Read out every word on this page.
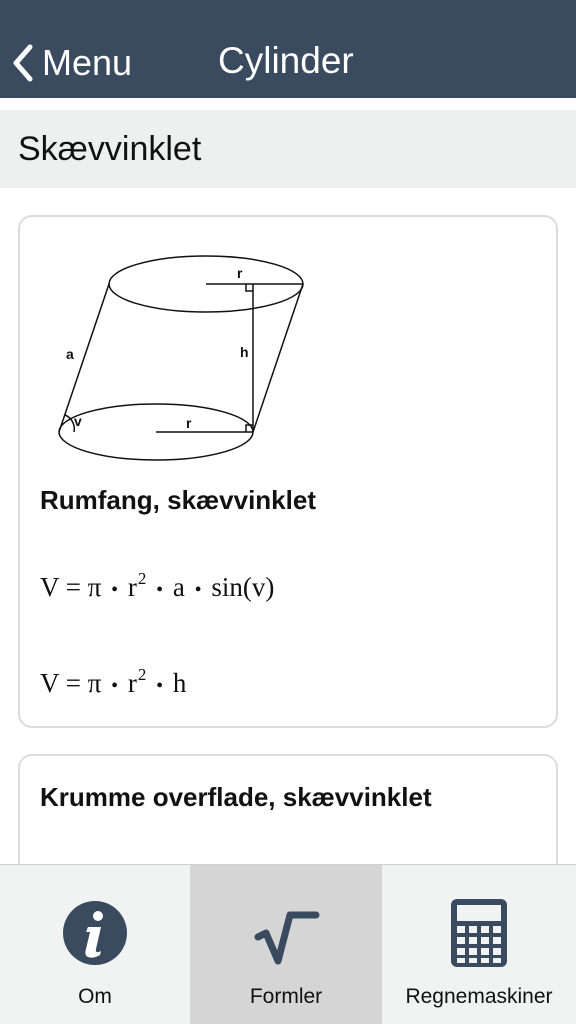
Menu Cylinder
Skævvinklet
r
a	h
v	r
Rumfang, skævvinklet
V = π • $r^2$ • a • sin(v)
V = π • $r^2$ • h
Krumme overflade, skævvinklet
Om	Formler	Regnemaskiner
